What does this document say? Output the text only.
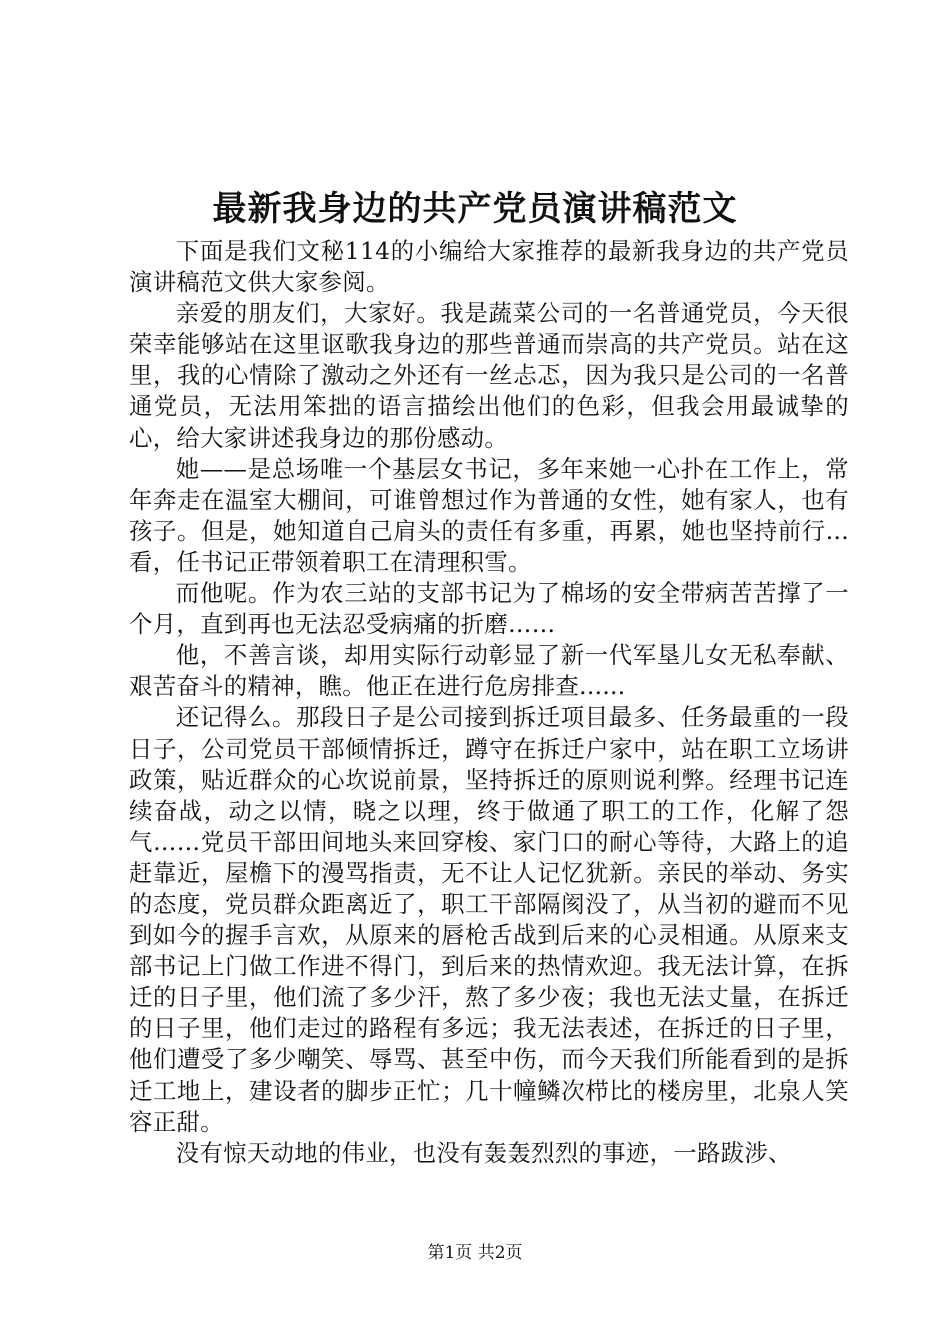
最新我身边的共产党员演讲稿范文

下面是我们文秘114的小编给大家推荐的最新我身边的共产党员演讲稿范文供大家参阅。

亲爱的朋友们，大家好。我是蔬菜公司的一名普通党员，今天很荣幸能够站在这里讴歌我身边的那些普通而崇高的共产党员。站在这里，我的心情除了激动之外还有一丝忐忑，因为我只是公司的一名普通党员，无法用笨拙的语言描绘出他们的色彩，但我会用最诚挚的心，给大家讲述我身边的那份感动。

她——是总场唯一个基层女书记，多年来她一心扑在工作上，常年奔走在温室大棚间，可谁曾想过作为普通的女性，她有家人，也有孩子。但是，她知道自己肩头的责任有多重，再累，她也坚持前行...看，任书记正带领着职工在清理积雪。

而他呢。作为农三站的支部书记为了棉场的安全带病苦苦撑了一个月，直到再也无法忍受病痛的折磨……

他，不善言谈，却用实际行动彰显了新一代军垦儿女无私奉献、艰苦奋斗的精神，瞧。他正在进行危房排查......

还记得么。那段日子是公司接到拆迁项目最多、任务最重的一段日子，公司党员干部倾情拆迁，蹲守在拆迁户家中，站在职工立场讲政策，贴近群众的心坎说前景，坚持拆迁的原则说利弊。经理书记连续奋战，动之以情，晓之以理，终于做通了职工的工作，化解了怨气……党员干部田间地头来回穿梭、家门口的耐心等待，大路上的追赶靠近，屋檐下的漫骂指责，无不让人记忆犹新。亲民的举动、务实的态度，党员群众距离近了，职工干部隔阂没了，从当初的避而不见到如今的握手言欢，从原来的唇枪舌战到后来的心灵相通。从原来支部书记上门做工作进不得门，到后来的热情欢迎。我无法计算，在拆迁的日子里，他们流了多少汗，熬了多少夜；我也无法丈量，在拆迁的日子里，他们走过的路程有多远；我无法表述，在拆迁的日子里，他们遭受了多少嘲笑、辱骂、甚至中伤，而今天我们所能看到的是拆迁工地上，建设者的脚步正忙；几十幢鳞次栉比的楼房里，北泉人笑容正甜。

没有惊天动地的伟业，也没有轰轰烈烈的事迹，一路跋涉、

第1页 共2页
